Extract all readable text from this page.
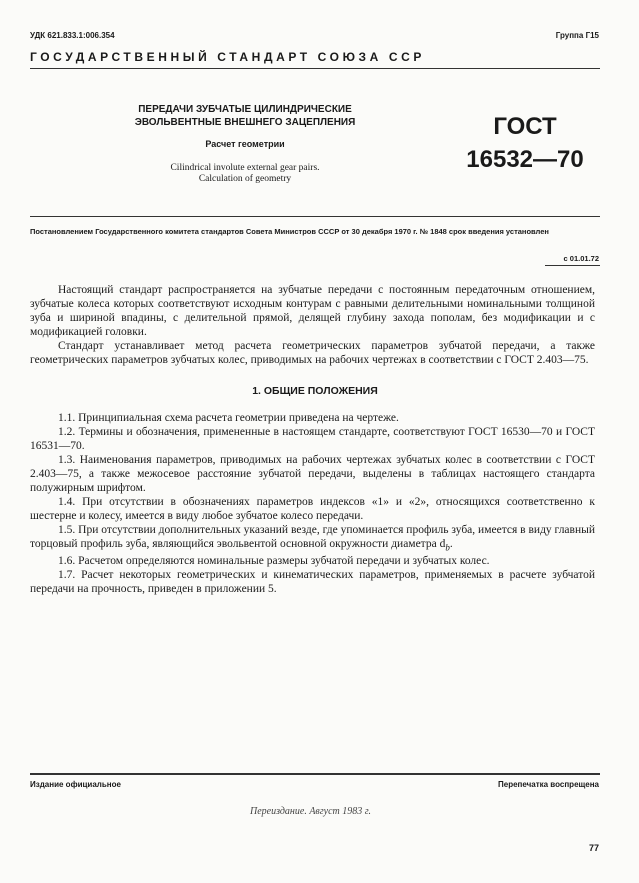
УДК 621.833.1:006.354	Группа Г15
ГОСУДАРСТВЕННЫЙ СТАНДАРТ СОЮЗА ССР
ПЕРЕДАЧИ ЗУБЧАТЫЕ ЦИЛИНДРИЧЕСКИЕ
ЭВОЛЬВЕНТНЫЕ ВНЕШНЕГО ЗАЦЕПЛЕНИЯ
Расчет геометрии
Cilindrical involute external gear pairs.
Calculation of geometry
ГОСТ
16532—70
Постановлением Государственного комитета стандартов Совета Министров СССР от 30 декабря 1970 г. № 1848 срок введения установлен
с 01.01.72

Настоящий стандарт распространяется на зубчатые передачи с постоянным передаточным отношением, зубчатые колеса которых соответствуют исходным контурам с равными делительными номинальными толщиной зуба и шириной впадины, с делительной прямой, делящей глубину захода пополам, без модификации и с модификацией головки.

Стандарт устанавливает метод расчета геометрических параметров зубчатой передачи, а также геометрических параметров зубчатых колес, приводимых на рабочих чертежах в соответствии с ГОСТ 2.403—75.

1. ОБЩИЕ ПОЛОЖЕНИЯ

1.1. Принципиальная схема расчета геометрии приведена на чертеже.

1.2. Термины и обозначения, примененные в настоящем стандарте, соответствуют ГОСТ 16530—70 и ГОСТ 16531—70.

1.3. Наименования параметров, приводимых на рабочих чертежах зубчатых колес в соответствии с ГОСТ 2.403—75, а также межосевое расстояние зубчатой передачи, выделены в таблицах настоящего стандарта полужирным шрифтом.

1.4. При отсутствии в обозначениях параметров индексов «1» и «2», относящихся соответственно к шестерне и колесу, имеется в виду любое зубчатое колесо передачи.

1.5. При отсутствии дополнительных указаний везде, где упоминается профиль зуба, имеется в виду главный торцовый профиль зуба, являющийся эвольвентой основной окружности диаметра $d_b$.

1.6. Расчетом определяются номинальные размеры зубчатой передачи и зубчатых колес.

1.7. Расчет некоторых геометрических и кинематических параметров, применяемых в расчете зубчатой передачи на прочность, приведен в приложении 5.

Издание официальное	Перепечатка воспрещена
Переиздание. Август 1983 г.
77
